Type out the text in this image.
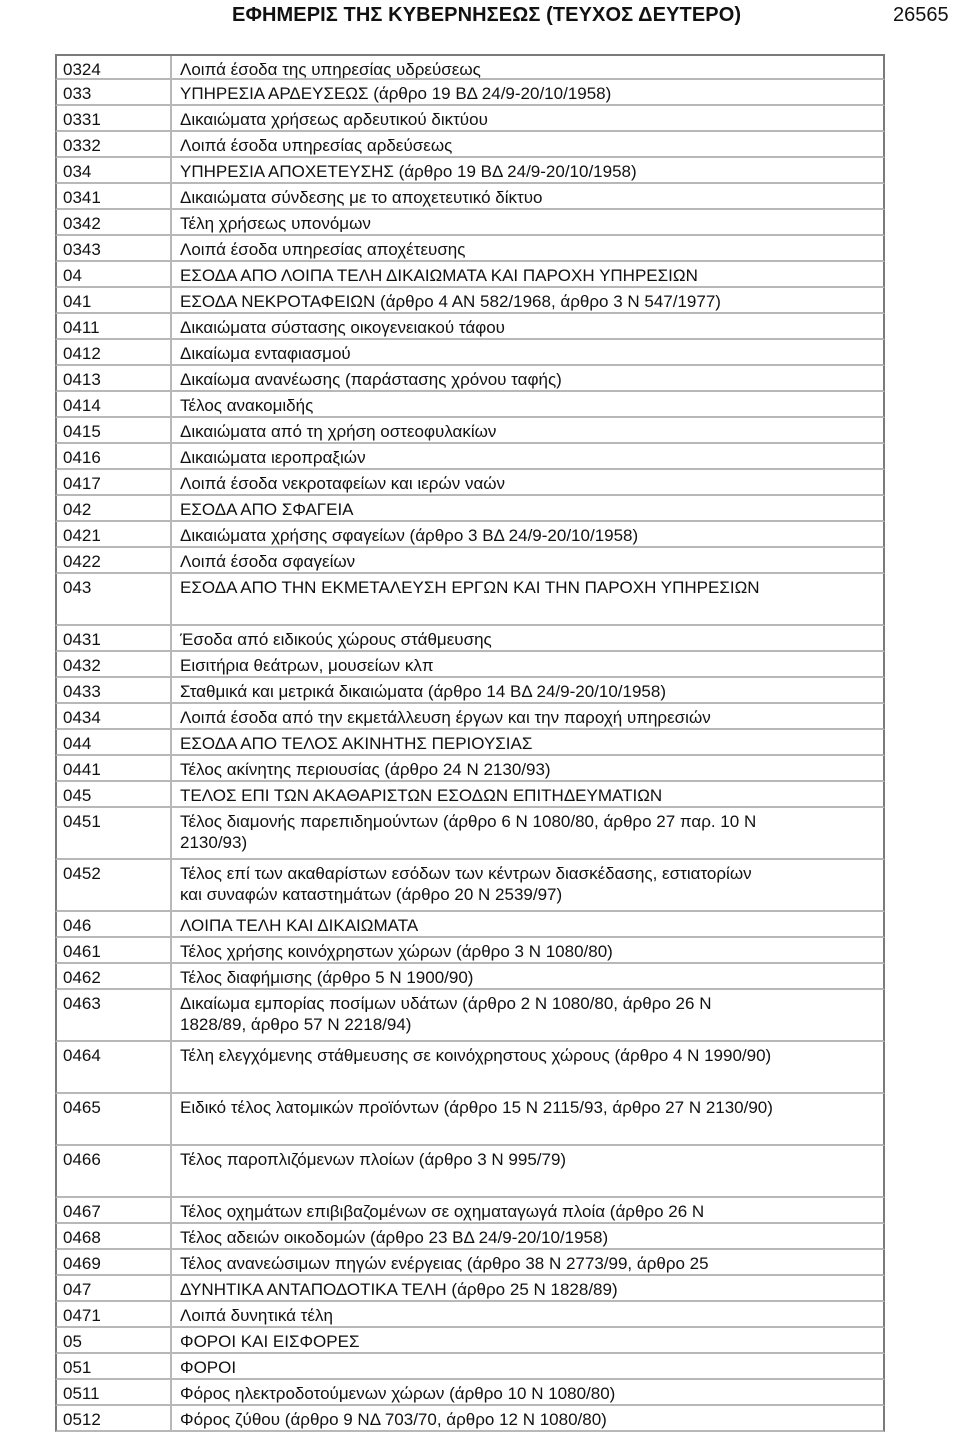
ΕΦΗΜΕΡΙΣ ΤΗΣ ΚΥΒΕΡΝΗΣΕΩΣ (ΤΕΥΧΟΣ ΔΕΥΤΕΡΟ)	26565
0324	Λοιπά έσοδα της υπηρεσίας υδρεύσεως
033	ΥΠΗΡΕΣΙΑ ΑΡΔΕΥΣΕΩΣ (άρθρο 19 ΒΔ 24/9-20/10/1958)
0331	Δικαιώματα χρήσεως αρδευτικού δικτύου
0332	Λοιπά έσοδα υπηρεσίας αρδεύσεως
034	ΥΠΗΡΕΣΙΑ ΑΠΟΧΕΤΕΥΣΗΣ (άρθρο 19 ΒΔ 24/9-20/10/1958)
0341	Δικαιώματα σύνδεσης με το αποχετευτικό δίκτυο
0342	Τέλη χρήσεως υπονόμων
0343	Λοιπά έσοδα υπηρεσίας αποχέτευσης
04	ΕΣΟΔΑ ΑΠΟ ΛΟΙΠΑ ΤΕΛΗ ΔΙΚΑΙΩΜΑΤΑ ΚΑΙ ΠΑΡΟΧΗ ΥΠΗΡΕΣΙΩΝ
041	ΕΣΟΔΑ ΝΕΚΡΟΤΑΦΕΙΩΝ (άρθρο 4 ΑΝ 582/1968, άρθρο 3 Ν 547/1977)
0411	Δικαιώματα σύστασης οικογενειακού τάφου
0412	Δικαίωμα ενταφιασμού
0413	Δικαίωμα ανανέωσης (παράστασης χρόνου ταφής)
0414	Τέλος ανακομιδής
0415	Δικαιώματα από τη χρήση οστεοφυλακίων
0416	Δικαιώματα ιεροπραξιών
0417	Λοιπά έσοδα νεκροταφείων και ιερών ναών
042	ΕΣΟΔΑ ΑΠΟ ΣΦΑΓΕΙΑ
0421	Δικαιώματα χρήσης σφαγείων (άρθρο 3 ΒΔ 24/9-20/10/1958)
0422	Λοιπά έσοδα σφαγείων
043	ΕΣΟΔΑ ΑΠΟ ΤΗΝ ΕΚΜΕΤΑΛΕΥΣΗ ΕΡΓΩΝ ΚΑΙ ΤΗΝ ΠΑΡΟΧΗ ΥΠΗΡΕΣΙΩΝ
0431	Έσοδα από ειδικούς χώρους στάθμευσης
0432	Εισιτήρια θεάτρων, μουσείων κλπ
0433	Σταθμικά και μετρικά δικαιώματα (άρθρο 14 ΒΔ 24/9-20/10/1958)
0434	Λοιπά έσοδα από την εκμετάλλευση έργων και την παροχή υπηρεσιών
044	ΕΣΟΔΑ ΑΠΟ ΤΕΛΟΣ ΑΚΙΝΗΤΗΣ ΠΕΡΙΟΥΣΙΑΣ
0441	Τέλος ακίνητης περιουσίας (άρθρο 24 Ν 2130/93)
045	ΤΕΛΟΣ ΕΠΙ ΤΩΝ ΑΚΑΘΑΡΙΣΤΩΝ ΕΣΟΔΩΝ ΕΠΙΤΗΔΕΥΜΑΤΙΩΝ
0451	Τέλος διαμονής παρεπιδημούντων (άρθρο 6 Ν 1080/80, άρθρο 27 παρ. 10 Ν
2130/93)
0452	Τέλος επί των ακαθαρίστων εσόδων των κέντρων διασκέδασης, εστιατορίων
και συναφών καταστημάτων (άρθρο 20 Ν 2539/97)
046	ΛΟΙΠΑ ΤΕΛΗ ΚΑΙ ΔΙΚΑΙΩΜΑΤΑ
0461	Τέλος χρήσης κοινόχρηστων χώρων (άρθρο 3 Ν 1080/80)
0462	Τέλος διαφήμισης (άρθρο 5 Ν 1900/90)
0463	Δικαίωμα εμπορίας ποσίμων υδάτων (άρθρο 2 Ν 1080/80, άρθρο 26 Ν
1828/89, άρθρο 57 Ν 2218/94)
0464	Τέλη ελεγχόμενης στάθμευσης σε κοινόχρηστους χώρους (άρθρο 4 Ν 1990/90)
0465	Ειδικό τέλος λατομικών προϊόντων (άρθρο 15 Ν 2115/93, άρθρο 27 Ν 2130/90)
0466	Τέλος παροπλιζόμενων πλοίων (άρθρο 3 Ν 995/79)
0467	Τέλος οχημάτων επιβιβαζομένων σε οχηματαγωγά πλοία (άρθρο 26 Ν

0468	Τέλος αδειών οικοδομών (άρθρο 23 ΒΔ 24/9-20/10/1958)
0469	Τέλος ανανεώσιμων πηγών ενέργειας (άρθρο 38 Ν 2773/99, άρθρο 25

047	ΔΥΝΗΤΙΚΑ ΑΝΤΑΠΟΔΟΤΙΚΑ ΤΕΛΗ (άρθρο 25 Ν 1828/89)
0471	Λοιπά δυνητικά τέλη
05	ΦΟΡΟΙ ΚΑΙ ΕΙΣΦΟΡΕΣ
051	ΦΟΡΟΙ
0511	Φόρος ηλεκτροδοτούμενων χώρων (άρθρο 10 Ν 1080/80)
0512	Φόρος ζύθου (άρθρο 9 ΝΔ 703/70, άρθρο 12 Ν 1080/80)
